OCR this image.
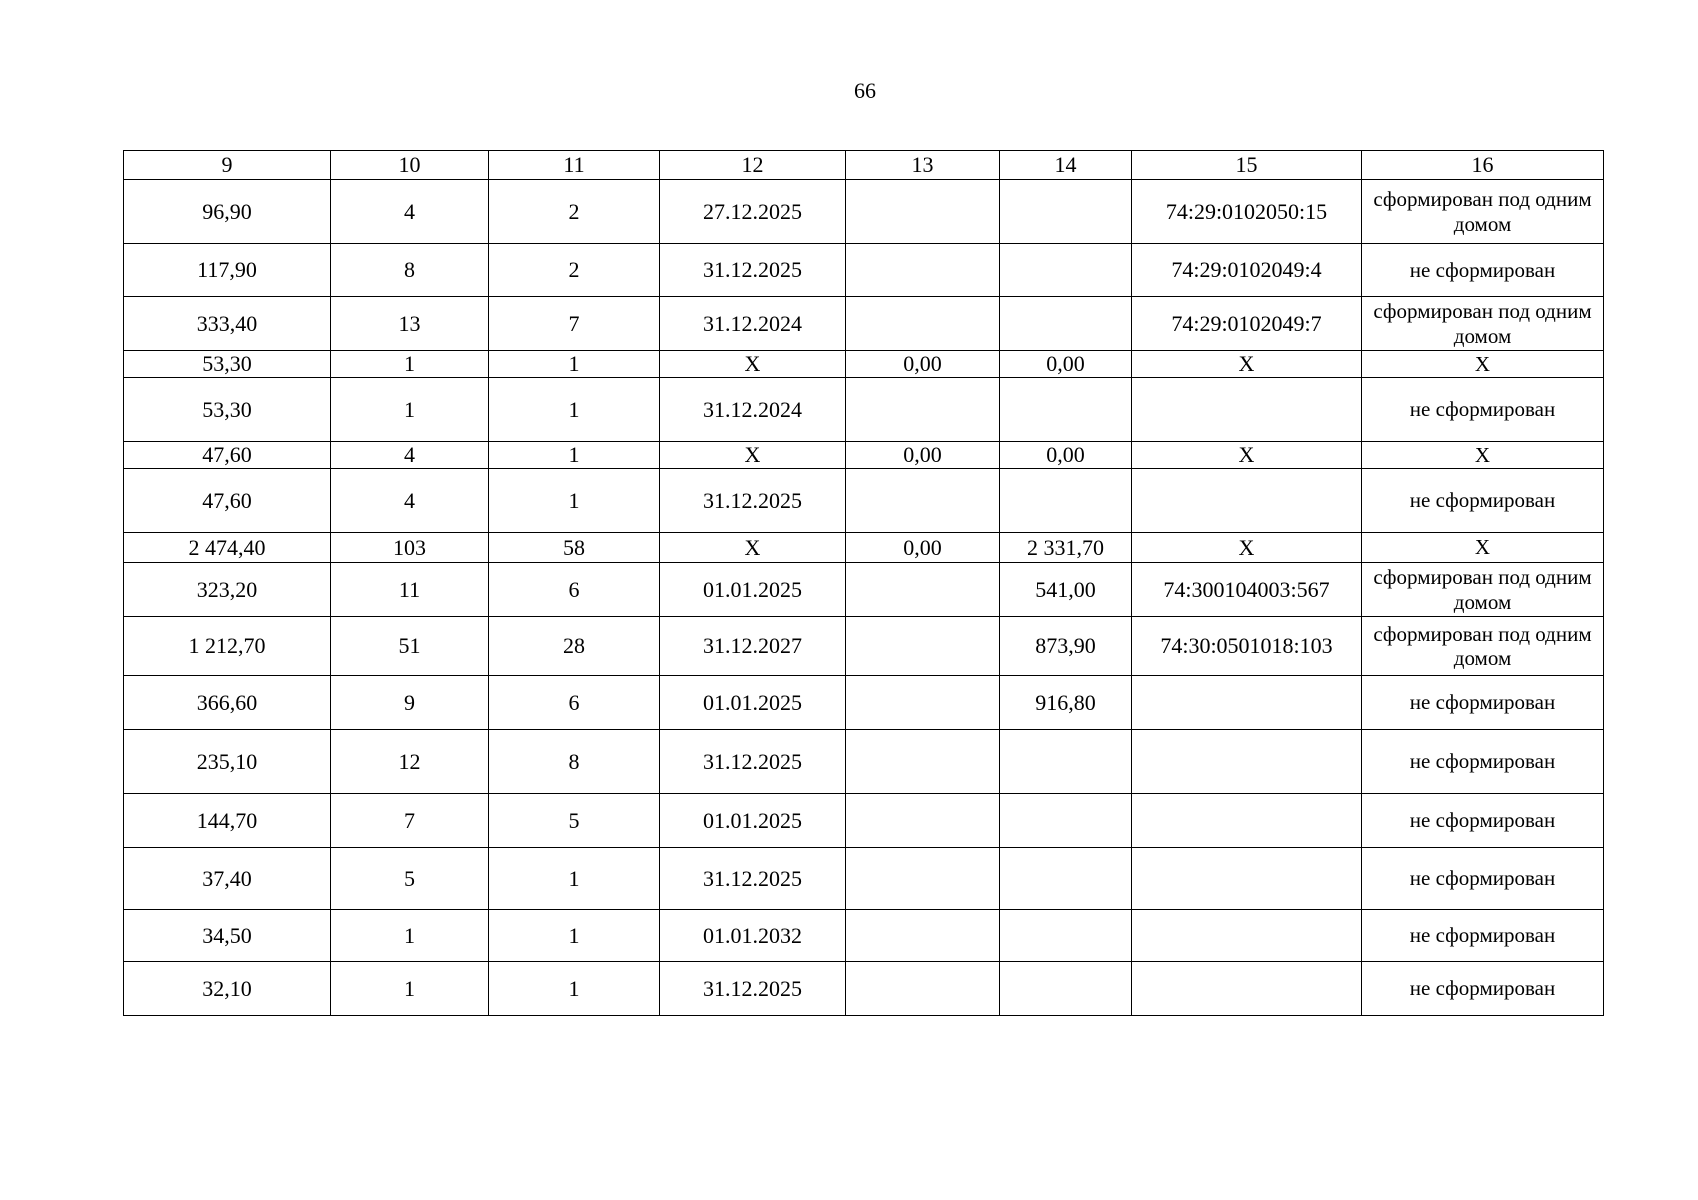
66
9	10	11	12	13	14	15	16
96,90	4	2	27.12.2025			74:29:0102050:15	сформирован под одним домом
117,90	8	2	31.12.2025			74:29:0102049:4	не сформирован
333,40	13	7	31.12.2024			74:29:0102049:7	сформирован под одним домом
53,30	1	1	X	0,00	0,00	X	X
53,30	1	1	31.12.2024				не сформирован
47,60	4	1	X	0,00	0,00	X	X
47,60	4	1	31.12.2025				не сформирован
2 474,40	103	58	X	0,00	2 331,70	X	X
323,20	11	6	01.01.2025		541,00	74:300104003:567	сформирован под одним домом
1 212,70	51	28	31.12.2027		873,90	74:30:0501018:103	сформирован под одним домом
366,60	9	6	01.01.2025		916,80		не сформирован
235,10	12	8	31.12.2025				не сформирован
144,70	7	5	01.01.2025				не сформирован
37,40	5	1	31.12.2025				не сформирован
34,50	1	1	01.01.2032				не сформирован
32,10	1	1	31.12.2025				не сформирован
